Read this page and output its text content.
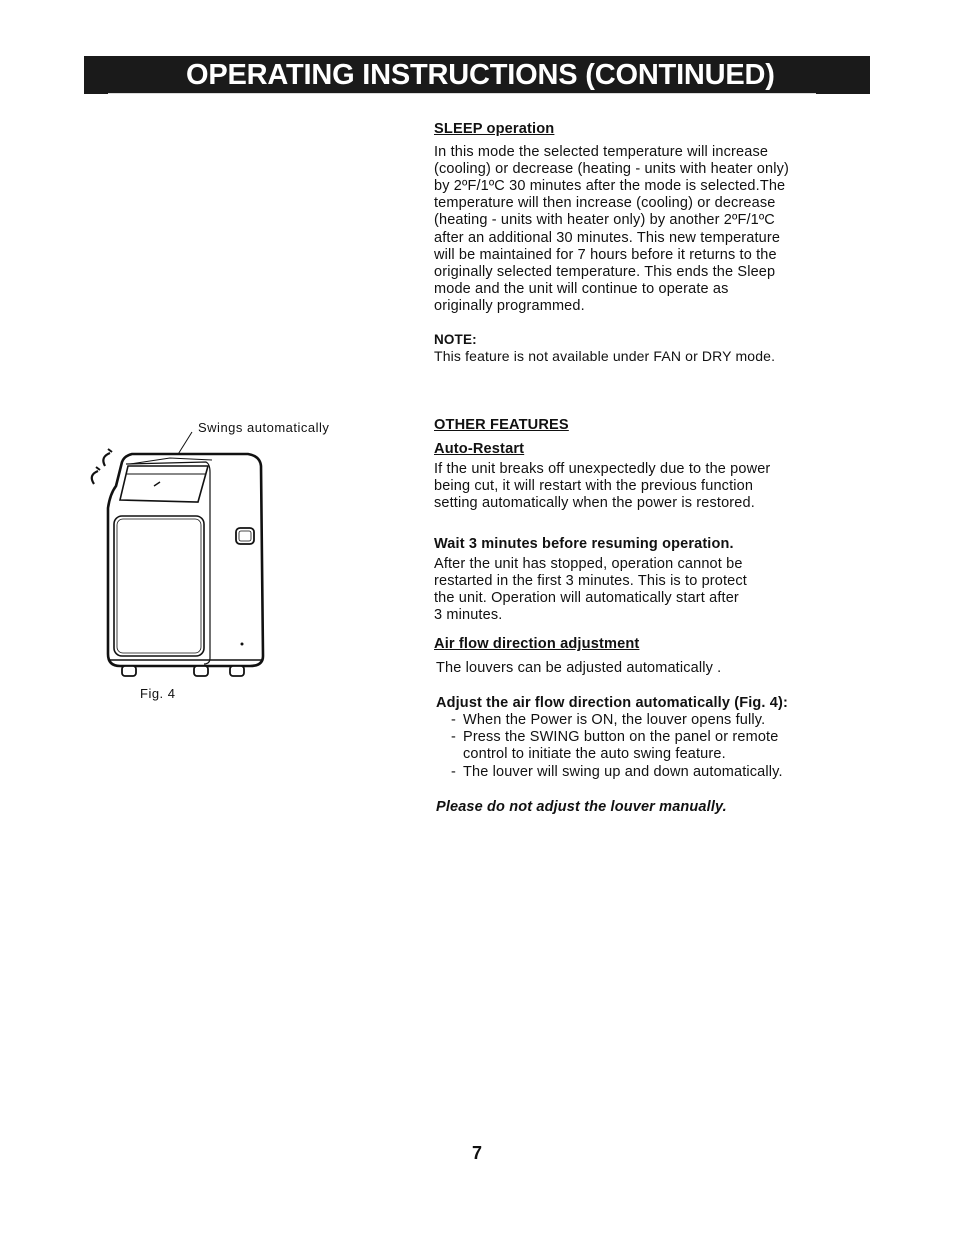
OPERATING INSTRUCTIONS (CONTINUED)

SLEEP operation

In this mode the selected temperature will increase

(cooling) or decrease (heating - units with heater only)

by 2ºF/1ºC 30 minutes after the mode is selected.The

temperature will then increase (cooling) or decrease

(heating - units with heater only) by another 2ºF/1ºC

after an additional 30 minutes. This new temperature

will be maintained for 7 hours before it returns to the

originally selected temperature. This ends the Sleep

mode and the unit will continue to operate as

originally programmed.

NOTE:

This feature is not available under FAN or DRY mode.

OTHER FEATURES

Auto-Restart

If the unit breaks off unexpectedly due to the power

being cut, it will restart with the previous function

setting automatically when the power is restored.

Wait 3 minutes before resuming operation.

After the unit has stopped, operation cannot be

restarted in the first 3 minutes. This is to protect

the unit. Operation will automatically start after

3 minutes.

Air flow direction adjustment

The louvers can be adjusted automatically .

Adjust the air flow direction automatically (Fig. 4):

- When the Power is ON, the louver opens fully.
- Press the SWING button on the panel or remote
control to initiate the auto swing feature.
- The louver will swing up and down automatically.

Please do not adjust the louver manually.

Swings automatically
Fig. 4
7
